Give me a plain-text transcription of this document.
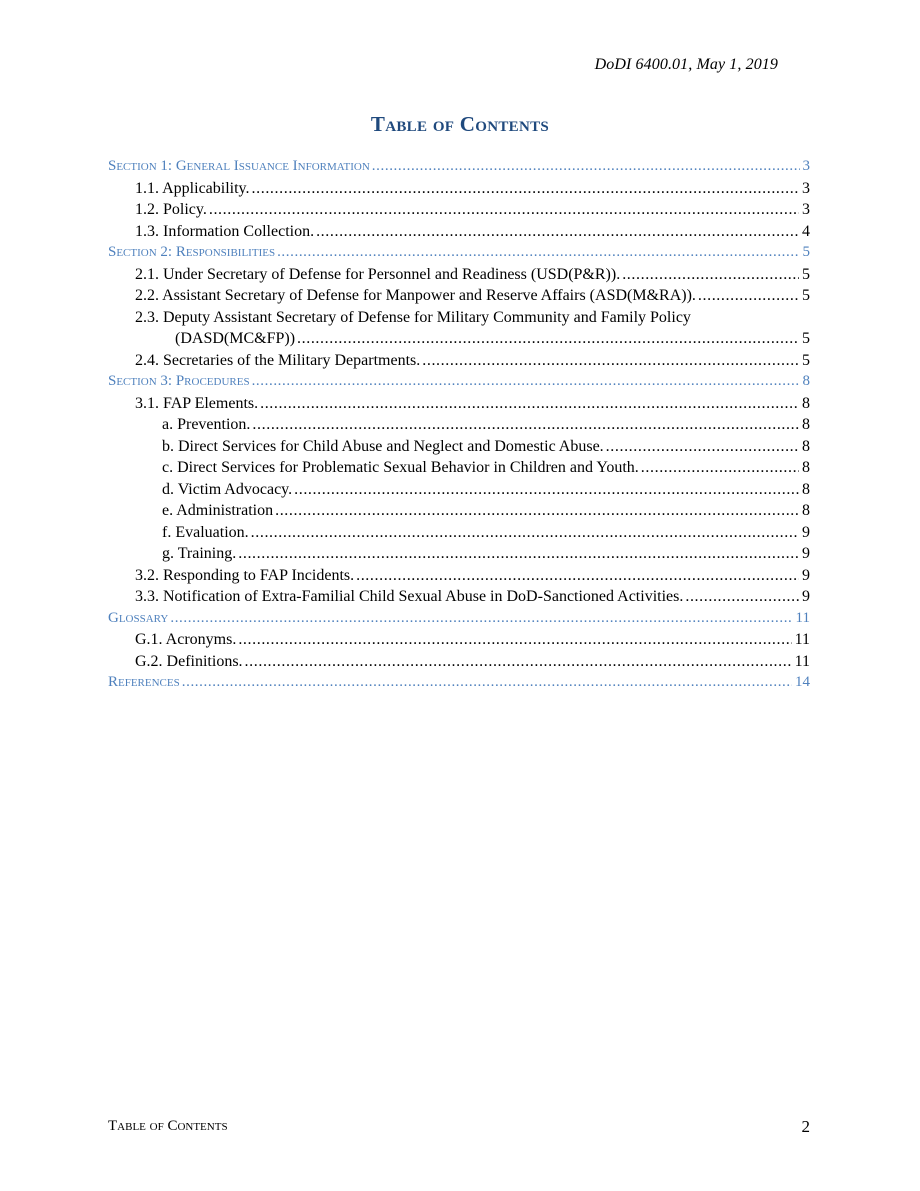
DoDI 6400.01, May 1, 2019
Table of Contents
Section 1: General Issuance Information .....	3
1.1. Applicability. .....	3
1.2. Policy. .....	3
1.3. Information Collection. .....	4
Section 2: Responsibilities .....	5
2.1. Under Secretary of Defense for Personnel and Readiness (USD(P&R)). .....	5
2.2. Assistant Secretary of Defense for Manpower and Reserve Affairs (ASD(M&RA)). .....	5
2.3. Deputy Assistant Secretary of Defense for Military Community and Family Policy
(DASD(MC&FP)) .....	5
2.4. Secretaries of the Military Departments. .....	5
Section 3: Procedures .....	8
3.1. FAP Elements. .....	8
a. Prevention. .....	8
b. Direct Services for Child Abuse and Neglect and Domestic Abuse. .....	8
c. Direct Services for Problematic Sexual Behavior in Children and Youth. .....	8
d. Victim Advocacy. .....	8
e. Administration .....	8
f. Evaluation. .....	9
g. Training. .....	9
3.2. Responding to FAP Incidents. .....	9
3.3. Notification of Extra-Familial Child Sexual Abuse in DoD-Sanctioned Activities. .....	9
Glossary .....	11
G.1. Acronyms. .....	11
G.2. Definitions. .....	11
References .....	14
Table of Contents	2
